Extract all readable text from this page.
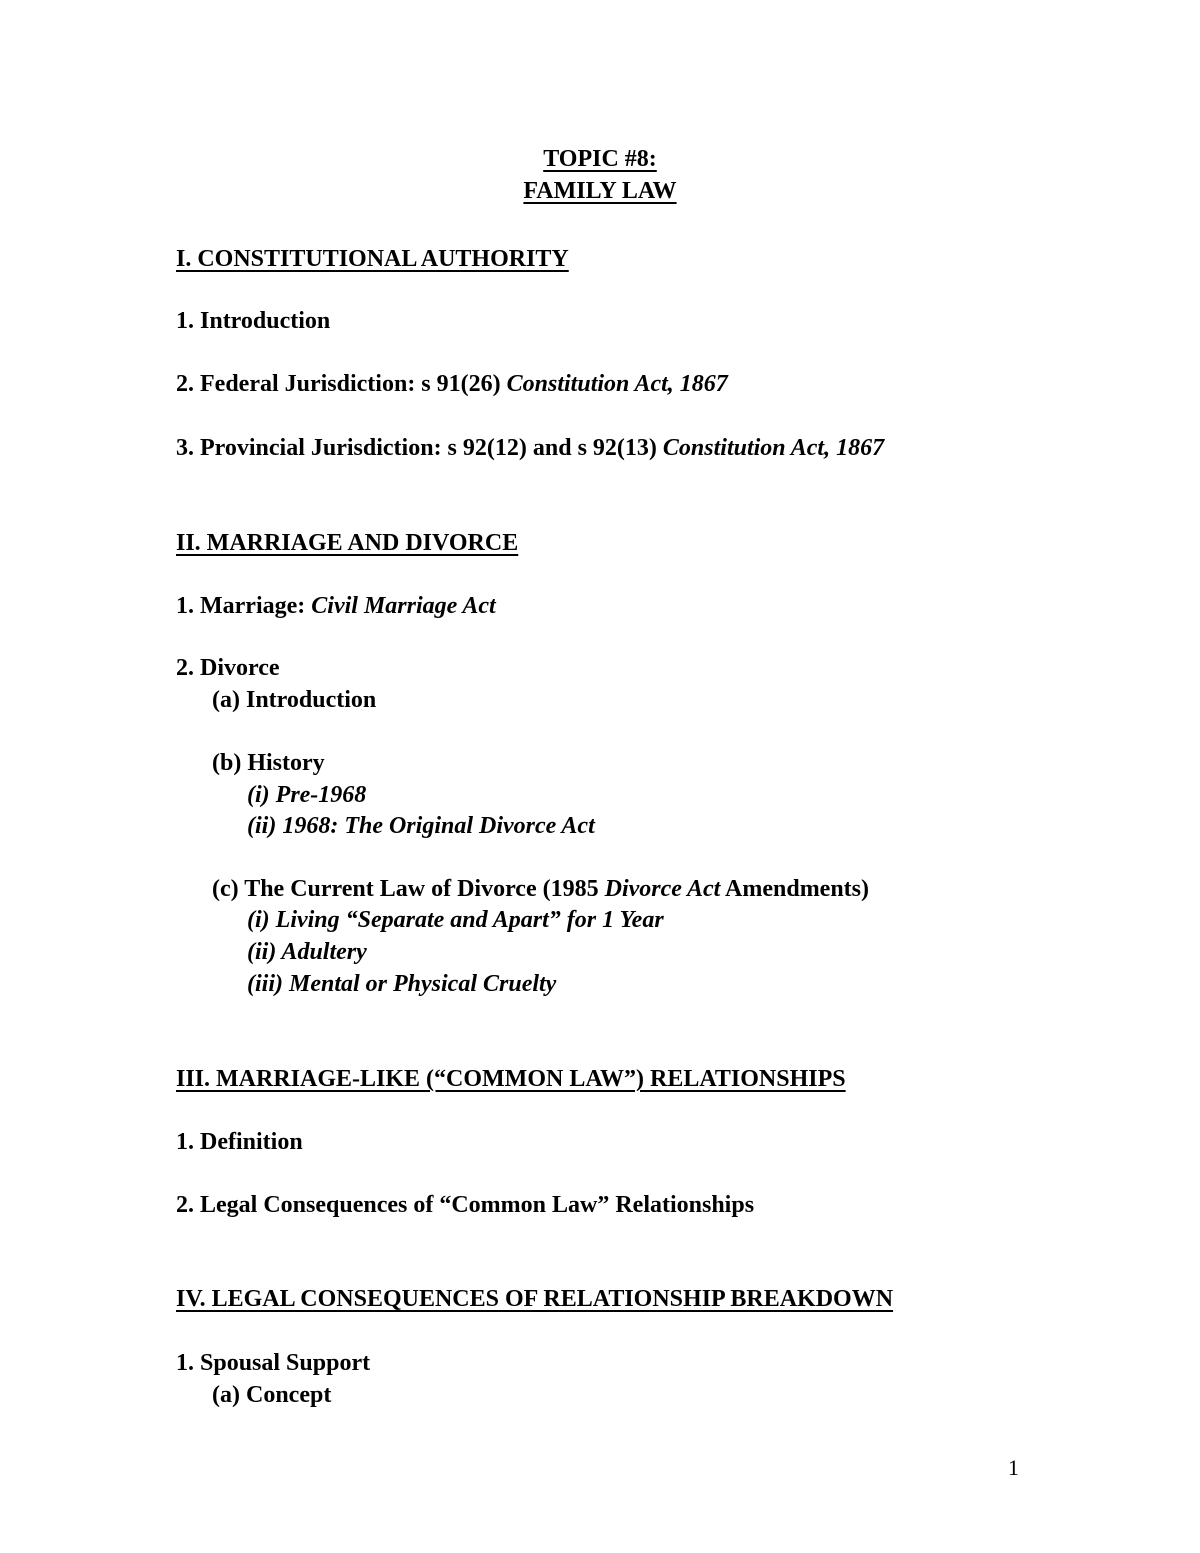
TOPIC #8:
FAMILY LAW
I. CONSTITUTIONAL AUTHORITY
1. Introduction
2. Federal Jurisdiction: s 91(26) Constitution Act, 1867
3. Provincial Jurisdiction: s 92(12) and s 92(13) Constitution Act, 1867
II. MARRIAGE AND DIVORCE
1. Marriage: Civil Marriage Act
2. Divorce
(a) Introduction
(b) History
(i) Pre-1968
(ii) 1968: The Original Divorce Act
(c) The Current Law of Divorce (1985 Divorce Act Amendments)
(i) Living “Separate and Apart” for 1 Year
(ii) Adultery
(iii) Mental or Physical Cruelty
III. MARRIAGE-LIKE (“COMMON LAW”) RELATIONSHIPS
1. Definition
2. Legal Consequences of “Common Law” Relationships
IV. LEGAL CONSEQUENCES OF RELATIONSHIP BREAKDOWN
1. Spousal Support
(a) Concept
1
